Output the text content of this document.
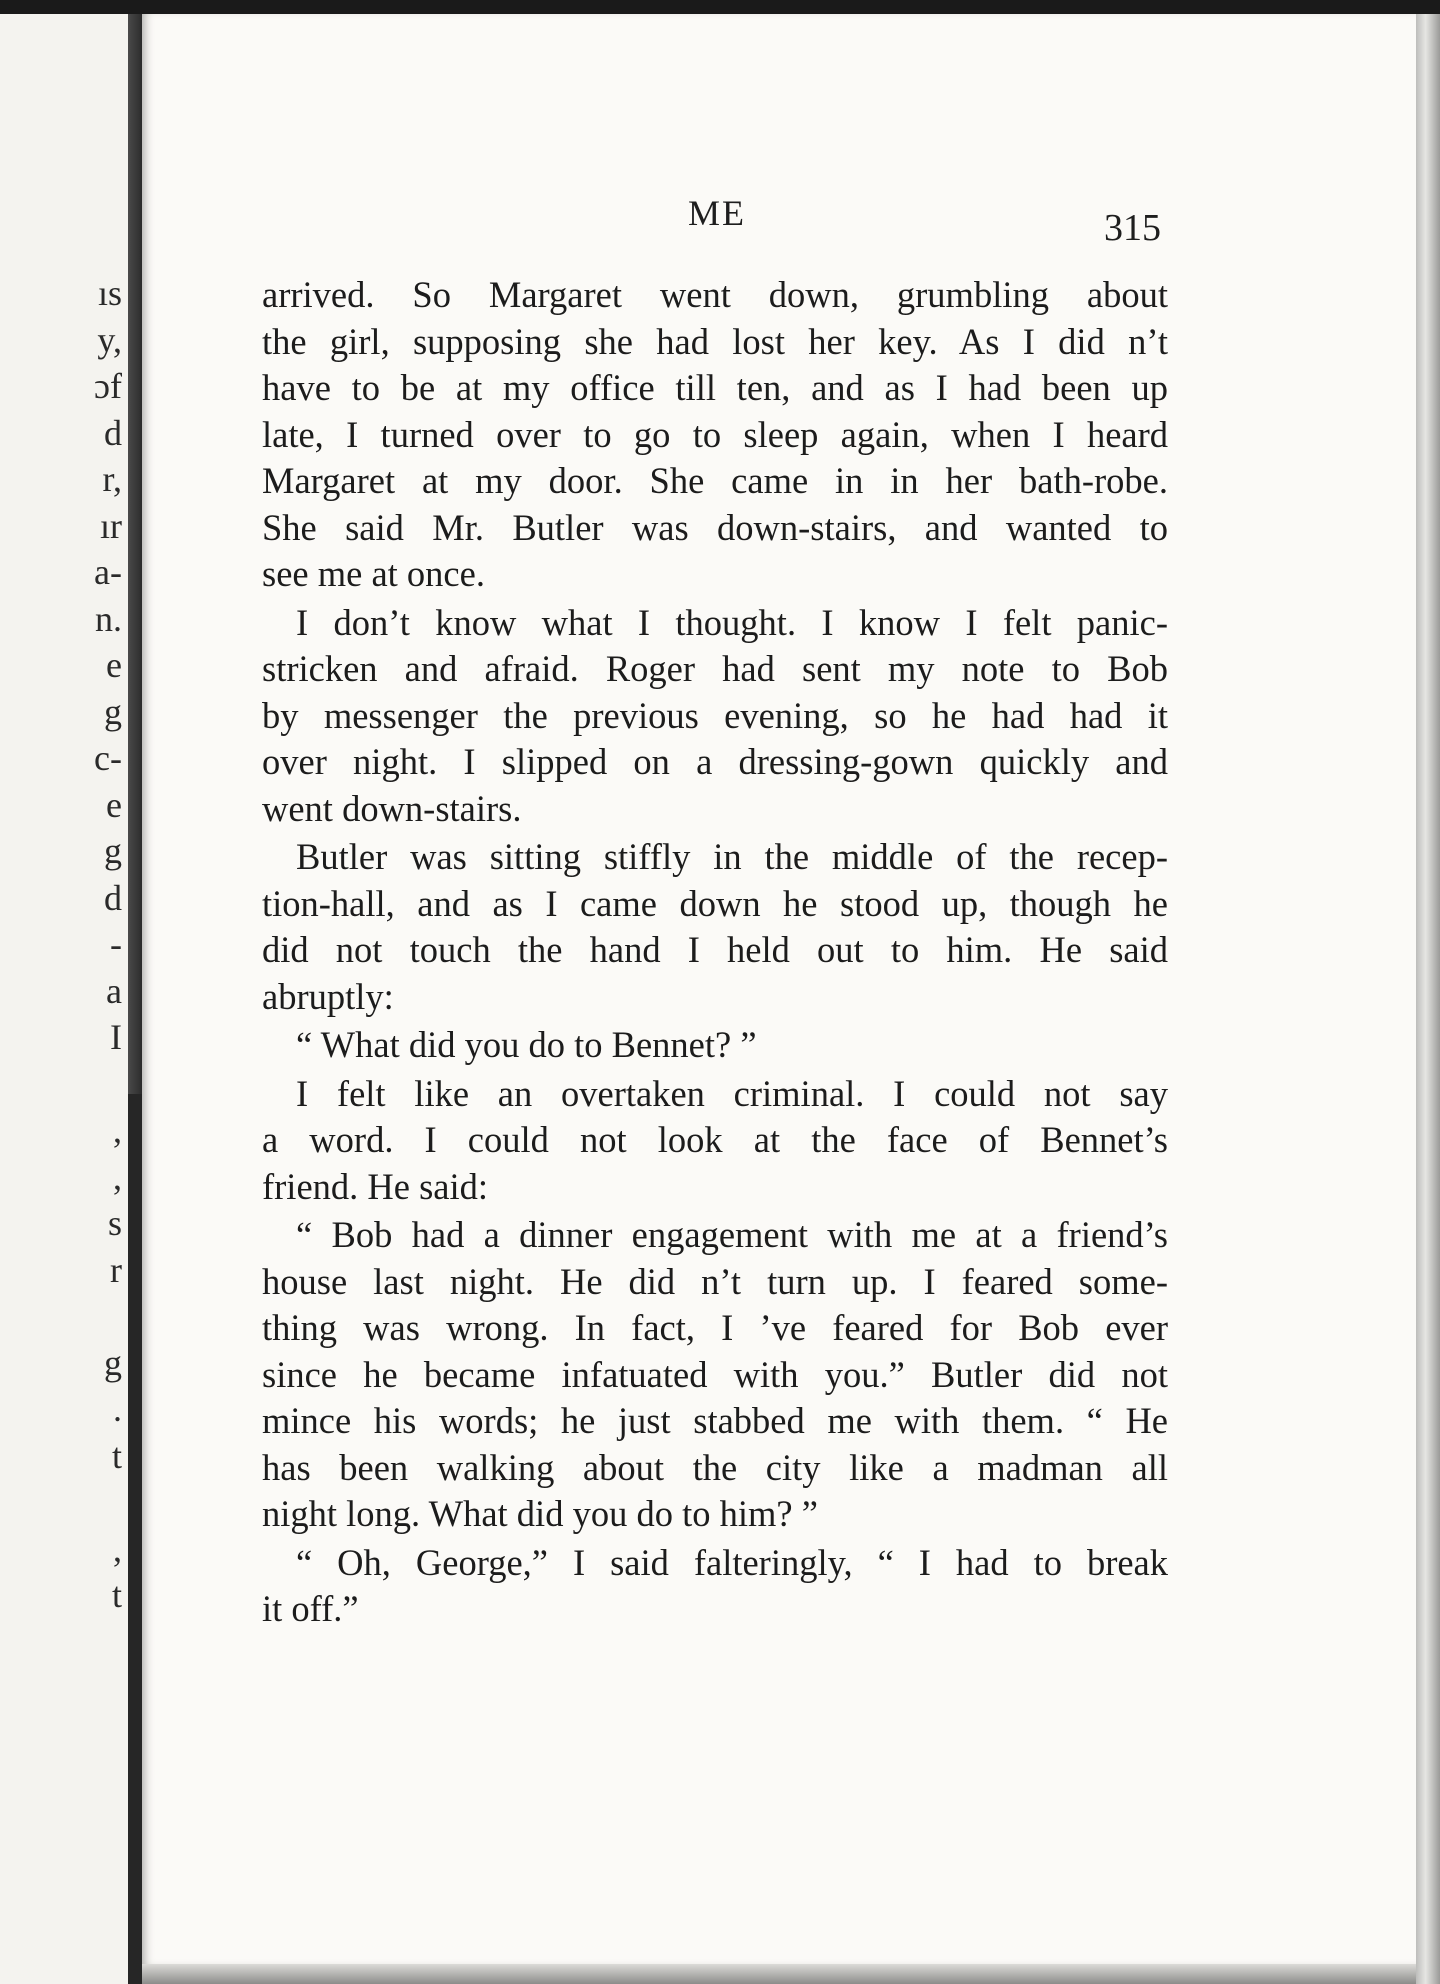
ıs
y,
ɔf
d
r,
ır
a-
n.
e
g
c-
e
g
d
-
a
I
,
,
s
r
g
.
t
,
t
ME	315

arrived. So Margaret went down, grumbling about
the girl, supposing she had lost her key. As I did n’t
have to be at my office till ten, and as I had been up
late, I turned over to go to sleep again, when I heard
Margaret at my door. She came in in her bath-robe.
She said Mr. Butler was down-stairs, and wanted to
see me at once.

I don’t know what I thought. I know I felt panic-
stricken and afraid. Roger had sent my note to Bob
by messenger the previous evening, so he had had it
over night. I slipped on a dressing-gown quickly and
went down-stairs.

Butler was sitting stiffly in the middle of the recep-
tion-hall, and as I came down he stood up, though he
did not touch the hand I held out to him. He said
abruptly:

“ What did you do to Bennet? ”

I felt like an overtaken criminal. I could not say
a word. I could not look at the face of Bennet’s
friend. He said:

“ Bob had a dinner engagement with me at a friend’s
house last night. He did n’t turn up. I feared some-
thing was wrong. In fact, I ’ve feared for Bob ever
since he became infatuated with you.” Butler did not
mince his words; he just stabbed me with them. “ He
has been walking about the city like a madman all
night long. What did you do to him? ”

“ Oh, George,” I said falteringly, “ I had to break
it off.”
